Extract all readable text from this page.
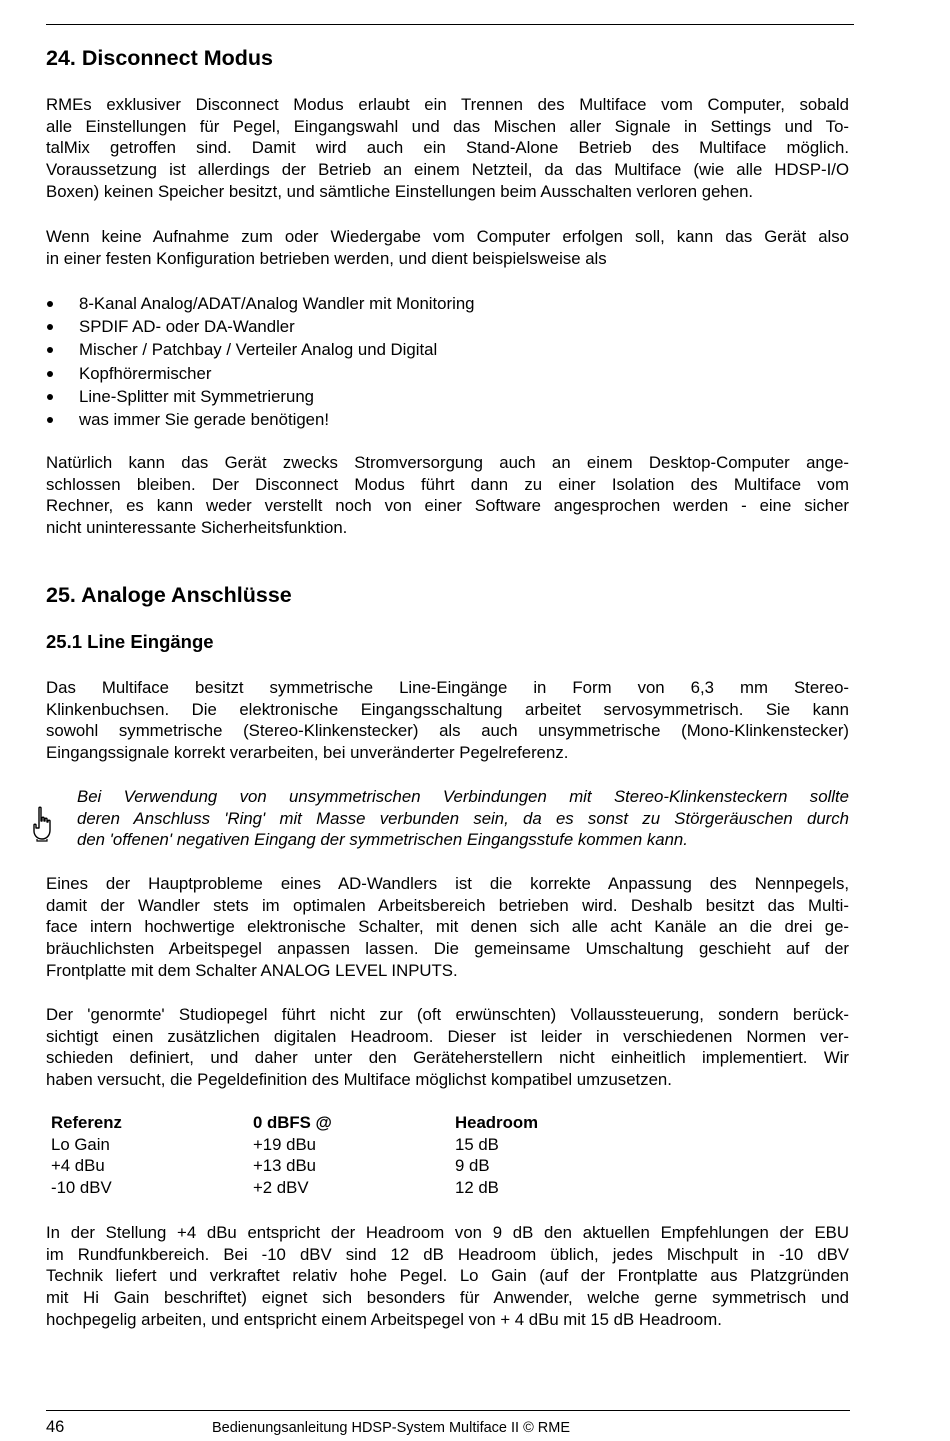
24. Disconnect Modus

RMEs exklusiver Disconnect Modus erlaubt ein Trennen des Multiface vom Computer, sobald
alle Einstellungen für Pegel, Eingangswahl und das Mischen aller Signale in Settings und To-
talMix getroffen sind. Damit wird auch ein Stand-Alone Betrieb des Multiface möglich.
Voraussetzung ist allerdings der Betrieb an einem Netzteil, da das Multiface (wie alle HDSP-I/O
Boxen) keinen Speicher besitzt, und sämtliche Einstellungen beim Ausschalten verloren gehen.

Wenn keine Aufnahme zum oder Wiedergabe vom Computer erfolgen soll, kann das Gerät also
in einer festen Konfiguration betrieben werden, und dient beispielsweise als

8-Kanal Analog/ADAT/Analog Wandler mit Monitoring
SPDIF AD- oder DA-Wandler
Mischer / Patchbay / Verteiler Analog und Digital
Kopfhörermischer
Line-Splitter mit Symmetrierung
was immer Sie gerade benötigen!

Natürlich kann das Gerät zwecks Stromversorgung auch an einem Desktop-Computer ange-
schlossen bleiben. Der Disconnect Modus führt dann zu einer Isolation des Multiface vom
Rechner, es kann weder verstellt noch von einer Software angesprochen werden - eine sicher
nicht uninteressante Sicherheitsfunktion.

25. Analoge Anschlüsse
25.1 Line Eingänge

Das Multiface besitzt symmetrische Line-Eingänge in Form von 6,3 mm Stereo-
Klinkenbuchsen. Die elektronische Eingangsschaltung arbeitet servosymmetrisch. Sie kann
sowohl symmetrische (Stereo-Klinkenstecker) als auch unsymmetrische (Mono-Klinkenstecker)
Eingangssignale korrekt verarbeiten, bei unveränderter Pegelreferenz.

Bei Verwendung von unsymmetrischen Verbindungen mit Stereo-Klinkensteckern sollte
deren Anschluss 'Ring' mit Masse verbunden sein, da es sonst zu Störgeräuschen durch
den 'offenen' negativen Eingang der symmetrischen Eingangsstufe kommen kann.

Eines der Hauptprobleme eines AD-Wandlers ist die korrekte Anpassung des Nennpegels,
damit der Wandler stets im optimalen Arbeitsbereich betrieben wird. Deshalb besitzt das Multi-
face intern hochwertige elektronische Schalter, mit denen sich alle acht Kanäle an die drei ge-
bräuchlichsten Arbeitspegel anpassen lassen. Die gemeinsame Umschaltung geschieht auf der
Frontplatte mit dem Schalter ANALOG LEVEL INPUTS.

Der 'genormte' Studiopegel führt nicht zur (oft erwünschten) Vollaussteuerung, sondern berück-
sichtigt einen zusätzlichen digitalen Headroom. Dieser ist leider in verschiedenen Normen ver-
schieden definiert, und daher unter den Geräteherstellern nicht einheitlich implementiert. Wir
haben versucht, die Pegeldefinition des Multiface möglichst kompatibel umzusetzen.

Referenz	0 dBFS @	Headroom
Lo Gain	+19 dBu	15 dB
+4 dBu	+13 dBu	9 dB
-10 dBV	+2 dBV	12 dB

In der Stellung +4 dBu entspricht der Headroom von 9 dB den aktuellen Empfehlungen der EBU
im Rundfunkbereich. Bei -10 dBV sind 12 dB Headroom üblich, jedes Mischpult in -10 dBV
Technik liefert und verkraftet relativ hohe Pegel. Lo Gain (auf der Frontplatte aus Platzgründen
mit Hi Gain beschriftet) eignet sich besonders für Anwender, welche gerne symmetrisch und
hochpegelig arbeiten, und entspricht einem Arbeitspegel von + 4 dBu mit 15 dB Headroom.

46	Bedienungsanleitung HDSP-System Multiface II © RME
